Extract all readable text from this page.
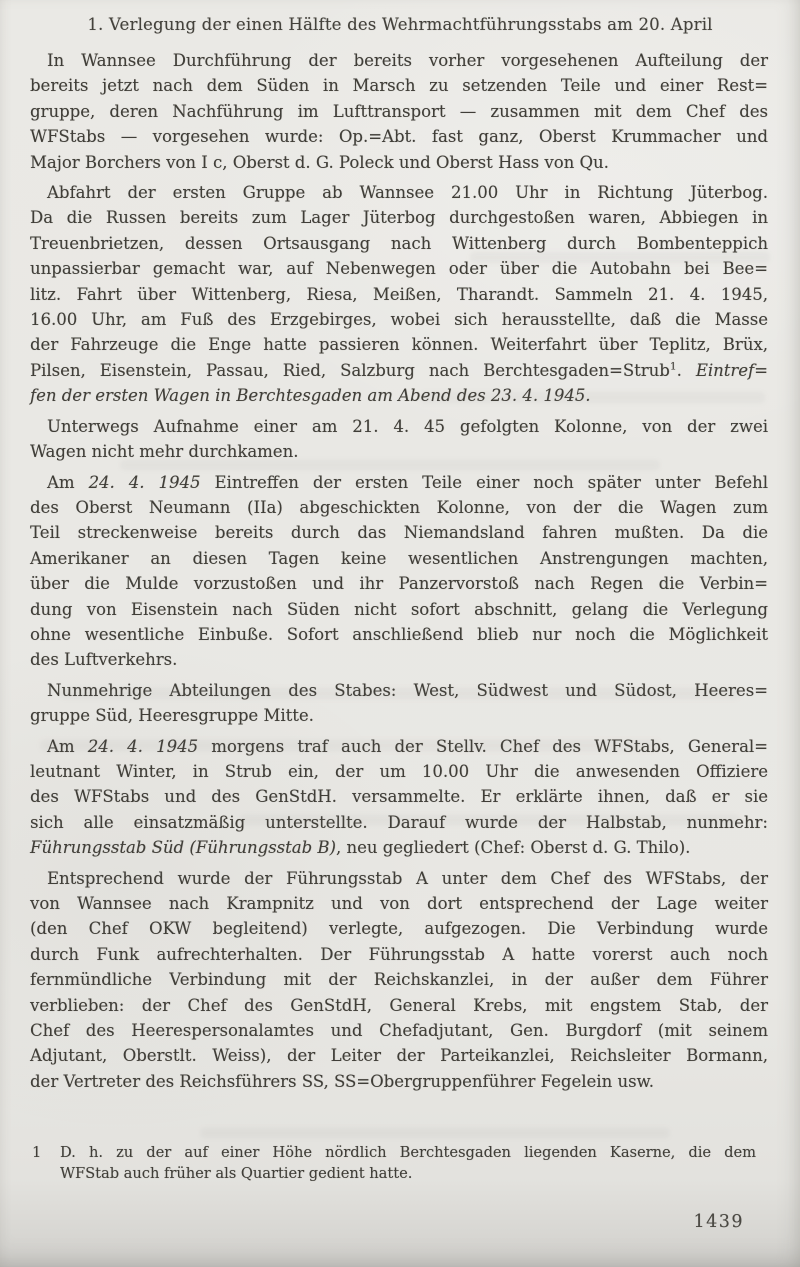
1. Verlegung der einen Hälfte des Wehrmachtführungsstabs am 20. April
In Wannsee Durchführung der bereits vorher vorgesehenen Aufteilung der
bereits jetzt nach dem Süden in Marsch zu setzenden Teile und einer Rest=
gruppe, deren Nachführung im Lufttransport — zusammen mit dem Chef des
WFStabs — vorgesehen wurde: Op.=Abt. fast ganz, Oberst Krummacher und
Major Borchers von I c, Oberst d. G. Poleck und Oberst Hass von Qu.
Abfahrt der ersten Gruppe ab Wannsee 21.00 Uhr in Richtung Jüterbog.
Da die Russen bereits zum Lager Jüterbog durchgestoßen waren, Abbiegen in
Treuenbrietzen, dessen Ortsausgang nach Wittenberg durch Bombenteppich
unpassierbar gemacht war, auf Nebenwegen oder über die Autobahn bei Bee=
litz. Fahrt über Wittenberg, Riesa, Meißen, Tharandt. Sammeln 21. 4. 1945,
16.00 Uhr, am Fuß des Erzgebirges, wobei sich herausstellte, daß die Masse
der Fahrzeuge die Enge hatte passieren können. Weiterfahrt über Teplitz, Brüx,
Pilsen, Eisenstein, Passau, Ried, Salzburg nach Berchtesgaden=Strub$^1$. Eintref=
fen der ersten Wagen in Berchtesgaden am Abend des 23. 4. 1945.
Unterwegs Aufnahme einer am 21. 4. 45 gefolgten Kolonne, von der zwei
Wagen nicht mehr durchkamen.
Am 24. 4. 1945 Eintreffen der ersten Teile einer noch später unter Befehl
des Oberst Neumann (IIa) abgeschickten Kolonne, von der die Wagen zum
Teil streckenweise bereits durch das Niemandsland fahren mußten. Da die
Amerikaner an diesen Tagen keine wesentlichen Anstrengungen machten,
über die Mulde vorzustoßen und ihr Panzervorstoß nach Regen die Verbin=
dung von Eisenstein nach Süden nicht sofort abschnitt, gelang die Verlegung
ohne wesentliche Einbuße. Sofort anschließend blieb nur noch die Möglichkeit
des Luftverkehrs.
Nunmehrige Abteilungen des Stabes: West, Südwest und Südost, Heeres=
gruppe Süd, Heeresgruppe Mitte.
Am 24. 4. 1945 morgens traf auch der Stellv. Chef des WFStabs, General=
leutnant Winter, in Strub ein, der um 10.00 Uhr die anwesenden Offiziere
des WFStabs und des GenStdH. versammelte. Er erklärte ihnen, daß er sie
sich alle einsatzmäßig unterstellte. Darauf wurde der Halbstab, nunmehr:
Führungsstab Süd (Führungsstab B), neu gegliedert (Chef: Oberst d. G. Thilo).
Entsprechend wurde der Führungsstab A unter dem Chef des WFStabs, der
von Wannsee nach Krampnitz und von dort entsprechend der Lage weiter
(den Chef OKW begleitend) verlegte, aufgezogen. Die Verbindung wurde
durch Funk aufrechterhalten. Der Führungsstab A hatte vorerst auch noch
fernmündliche Verbindung mit der Reichskanzlei, in der außer dem Führer
verblieben: der Chef des GenStdH, General Krebs, mit engstem Stab, der
Chef des Heerespersonalamtes und Chefadjutant, Gen. Burgdorf (mit seinem
Adjutant, Oberstlt. Weiss), der Leiter der Parteikanzlei, Reichsleiter Bormann,
der Vertreter des Reichsführers SS, SS=Obergruppenführer Fegelein usw.
1 D. h. zu der auf einer Höhe nördlich Berchtesgaden liegenden Kaserne, die dem
WFStab auch früher als Quartier gedient hatte.
1439
